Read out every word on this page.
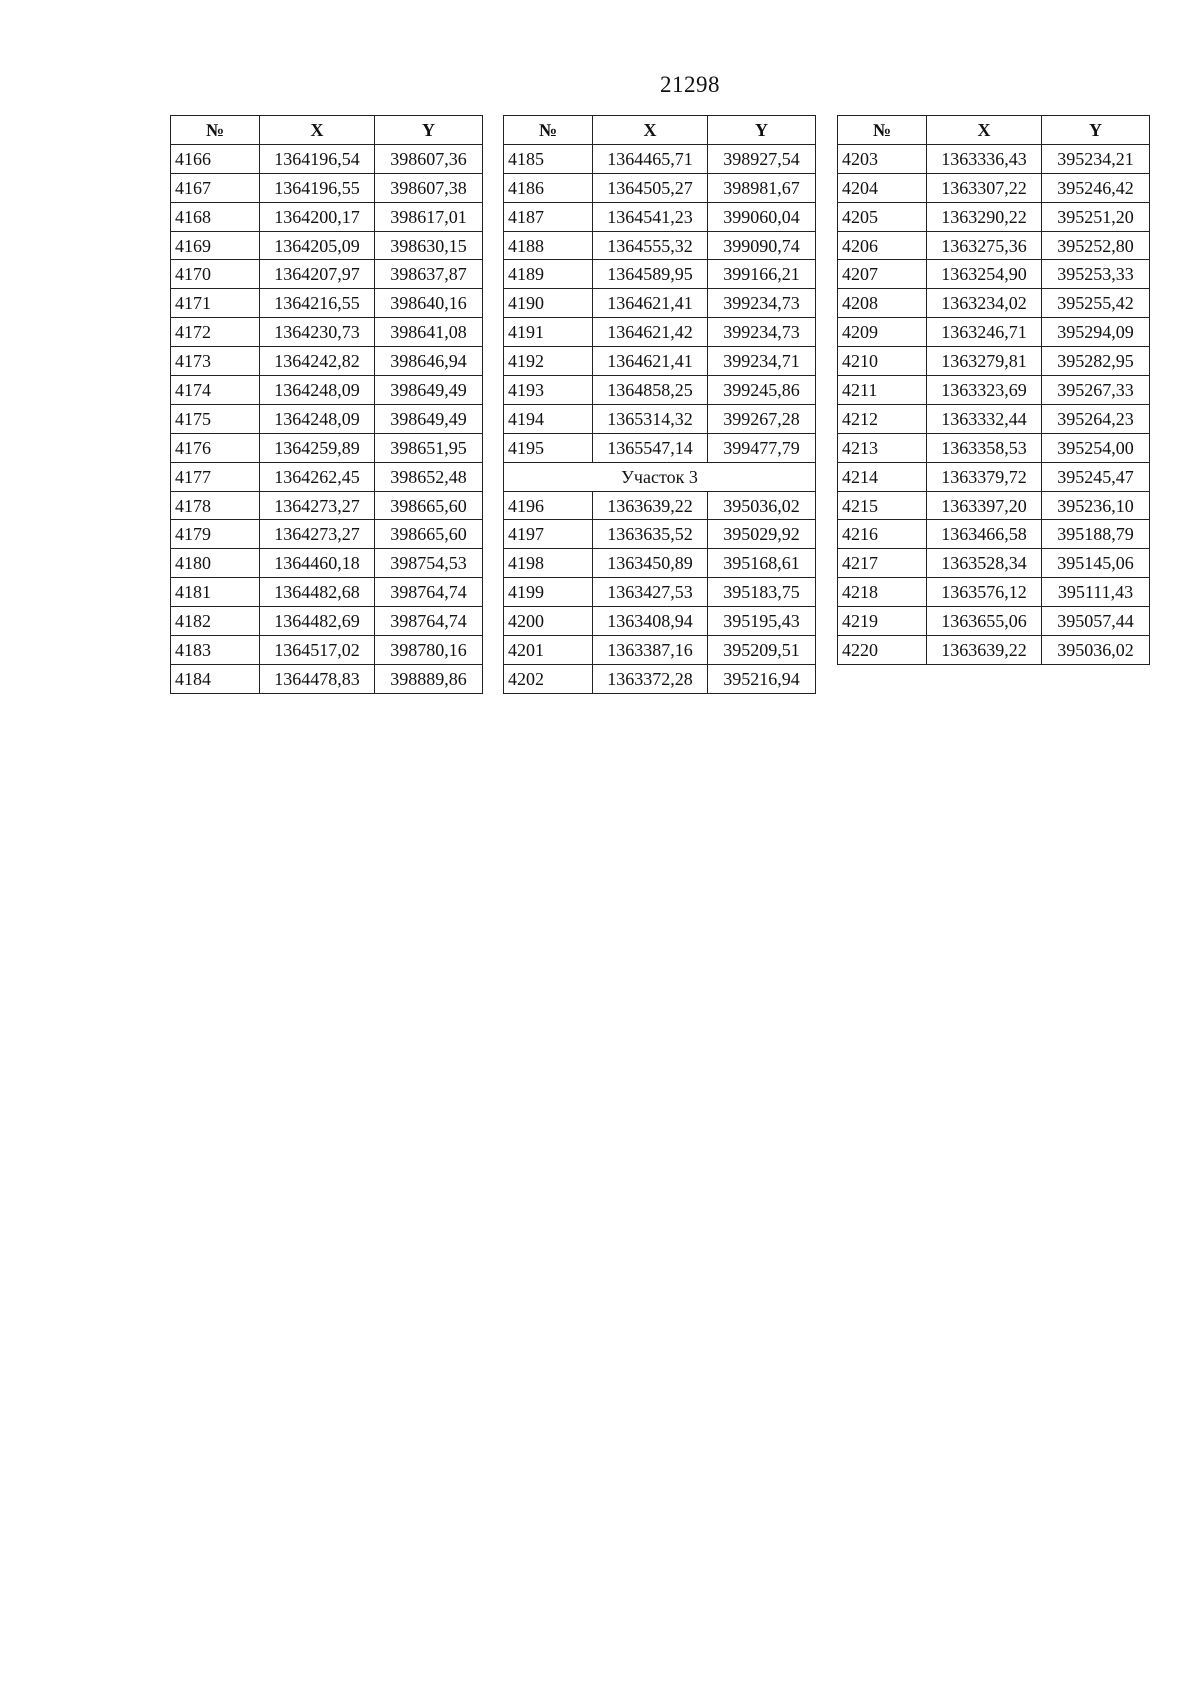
21298
№	X	Y
4166	1364196,54	398607,36
4167	1364196,55	398607,38
4168	1364200,17	398617,01
4169	1364205,09	398630,15
4170	1364207,97	398637,87
4171	1364216,55	398640,16
4172	1364230,73	398641,08
4173	1364242,82	398646,94
4174	1364248,09	398649,49
4175	1364248,09	398649,49
4176	1364259,89	398651,95
4177	1364262,45	398652,48
4178	1364273,27	398665,60
4179	1364273,27	398665,60
4180	1364460,18	398754,53
4181	1364482,68	398764,74
4182	1364482,69	398764,74
4183	1364517,02	398780,16
4184	1364478,83	398889,86
№	X	Y
4185	1364465,71	398927,54
4186	1364505,27	398981,67
4187	1364541,23	399060,04
4188	1364555,32	399090,74
4189	1364589,95	399166,21
4190	1364621,41	399234,73
4191	1364621,42	399234,73
4192	1364621,41	399234,71
4193	1364858,25	399245,86
4194	1365314,32	399267,28
4195	1365547,14	399477,79
Участок 3		
4196	1363639,22	395036,02
4197	1363635,52	395029,92
4198	1363450,89	395168,61
4199	1363427,53	395183,75
4200	1363408,94	395195,43
4201	1363387,16	395209,51
4202	1363372,28	395216,94
№	X	Y
4203	1363336,43	395234,21
4204	1363307,22	395246,42
4205	1363290,22	395251,20
4206	1363275,36	395252,80
4207	1363254,90	395253,33
4208	1363234,02	395255,42
4209	1363246,71	395294,09
4210	1363279,81	395282,95
4211	1363323,69	395267,33
4212	1363332,44	395264,23
4213	1363358,53	395254,00
4214	1363379,72	395245,47
4215	1363397,20	395236,10
4216	1363466,58	395188,79
4217	1363528,34	395145,06
4218	1363576,12	395111,43
4219	1363655,06	395057,44
4220	1363639,22	395036,02
